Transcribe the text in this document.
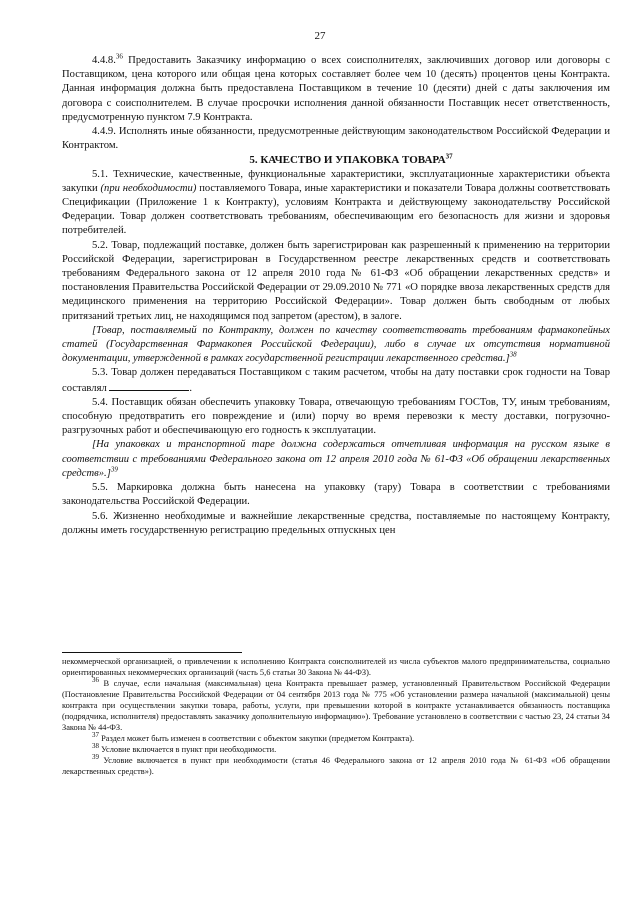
27

4.4.8.36 Предоставить Заказчику информацию о всех соисполнителях, заключивших договор или договоры с Поставщиком, цена которого или общая цена которых составляет более чем 10 (десять) процентов цены Контракта. Данная информация должна быть предоставлена Поставщиком в течение 10 (десяти) дней с даты заключения им договора с соисполнителем. В случае просрочки исполнения данной обязанности Поставщик несет ответственность, предусмотренную пунктом 7.9 Контракта.

4.4.9. Исполнять иные обязанности, предусмотренные действующим законодательством Российской Федерации и Контрактом.

5. КАЧЕСТВО И УПАКОВКА ТОВАРА$^{37}$

5.1. Технические, качественные, функциональные характеристики, эксплуатационные характеристики объекта закупки (при необходимости) поставляемого Товара, иные характеристики и показатели Товара должны соответствовать Спецификации (Приложение 1 к Контракту), условиям Контракта и действующему законодательству Российской Федерации. Товар должен соответствовать требованиям, обеспечивающим его безопасность для жизни и здоровья потребителей.

5.2. Товар, подлежащий поставке, должен быть зарегистрирован как разрешенный к применению на территории Российской Федерации, зарегистрирован в Государственном реестре лекарственных средств и соответствовать требованиям Федерального закона от 12 апреля 2010 года № 61-ФЗ «Об обращении лекарственных средств» и постановления Правительства Российской Федерации от 29.09.2010 № 771 «О порядке ввоза лекарственных средств для медицинского применения на территорию Российской Федерации». Товар должен быть свободным от любых притязаний третьих лиц, не находящимся под запретом (арестом), в залоге.

[Товар, поставляемый по Контракту, должен по качеству соответствовать требованиям фармакопейных статей (Государственная Фармакопея Российской Федерации), либо в случае их отсутствия нормативной документации, утвержденной в рамках государственной регистрации лекарственного средства.]$^{38}$

5.3. Товар должен передаваться Поставщиком с таким расчетом, чтобы на дату поставки срок годности на Товар составлял	.

5.4. Поставщик обязан обеспечить упаковку Товара, отвечающую требованиям ГОСТов, ТУ, иным требованиям, способную предотвратить его повреждение и (или) порчу во время перевозки к месту доставки, погрузочно-разгрузочных работ и обеспечивающую его годность к эксплуатации.

[На упаковках и транспортной таре должна содержаться отчетливая информация на русском языке в соответствии с требованиями Федерального закона от 12 апреля 2010 года № 61-ФЗ «Об обращении лекарственных средств».]$^{39}$

5.5. Маркировка должна быть нанесена на упаковку (тару) Товара в соответствии с требованиями законодательства Российской Федерации.

5.6. Жизненно необходимые и важнейшие лекарственные средства, поставляемые по настоящему Контракту, должны иметь государственную регистрацию предельных отпускных цен

некоммерческой организацией, о привлечении к исполнению Контракта соисполнителей из числа субъектов малого предпринимательства, социально ориентированных некоммерческих организаций (часть 5,6 статьи 30 Закона № 44-ФЗ).

$^{36}$ В случае, если начальная (максимальная) цена Контракта превышает размер, установленный Правительством Российской Федерации (Постановление Правительства Российской Федерации от 04 сентября 2013 года № 775 «Об установлении размера начальной (максимальной) цены контракта при осуществлении закупки товара, работы, услуги, при превышении которой в контракте устанавливается обязанность поставщика (подрядчика, исполнителя) предоставлять заказчику дополнительную информацию»). Требование установлено в соответствии с частью 23, 24 статьи 34 Закона № 44-ФЗ.

$^{37}$ Раздел может быть изменен в соответствии с объектом закупки (предметом Контракта).

$^{38}$ Условие включается в пункт при необходимости.

$^{39}$ Условие включается в пункт при необходимости (статья 46 Федерального закона от 12 апреля 2010 года № 61-ФЗ «Об обращении лекарственных средств»).
